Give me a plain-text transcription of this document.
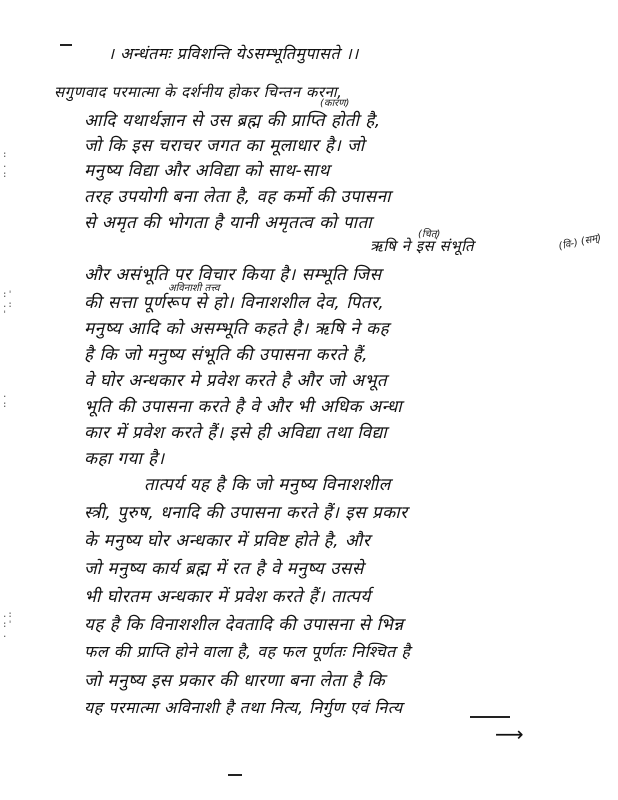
:
.
:
:'
.:
'
.
:
.:
:'
.
। अन्धंतमः प्रविशन्ति येऽसम्भूतिमुपासते ।।
(कारण)
(चित्)	(वि-) (सम्)
अविनाशी तत्त्व
सगुणवाद परमात्मा के दर्शनीय होकर चिन्तन करना,
आदि यथार्थज्ञान से उस ब्रह्म की प्राप्ति होती है,
जो कि इस चराचर जगत का मूलाधार है। जो
मनुष्य विद्या और अविद्या को साथ-साथ
तरह उपयोगी बना लेता है, वह कर्मो की उपासना
से अमृत की भोगता है यानी अमृतत्व को पाता
ऋषि ने इस संभूति
और असंभूति पर विचार किया है। सम्भूति जिस
की सत्ता पूर्णरूप से हो। विनाशशील देव, पितर,
मनुष्य आदि को असम्भूति कहते है। ऋषि ने कह
है कि जो मनुष्य संभूति की उपासना करते हैं,
वे घोर अन्धकार मे प्रवेश करते है और जो अभूत
भूति की उपासना करते है वे और भी अधिक अन्धा
कार में प्रवेश करते हैं। इसे ही अविद्या तथा विद्या
कहा गया है।
तात्पर्य यह है कि जो मनुष्य विनाशशील
स्त्री, पुरुष, धनादि की उपासना करते हैं। इस प्रकार
के मनुष्य घोर अन्धकार में प्रविष्ट होते है, और
जो मनुष्य कार्य ब्रह्म में रत है वे मनुष्य उससे
भी घोरतम अन्धकार में प्रवेश करते हैं। तात्पर्य
यह है कि विनाशशील देवतादि की उपासना से भिन्न
फल की प्राप्ति होने वाला है, वह फल पूर्णतः निश्चित है
जो मनुष्य इस प्रकार की धारणा बना लेता है कि
यह परमात्मा अविनाशी है तथा नित्य, निर्गुण एवं नित्य
⟶
